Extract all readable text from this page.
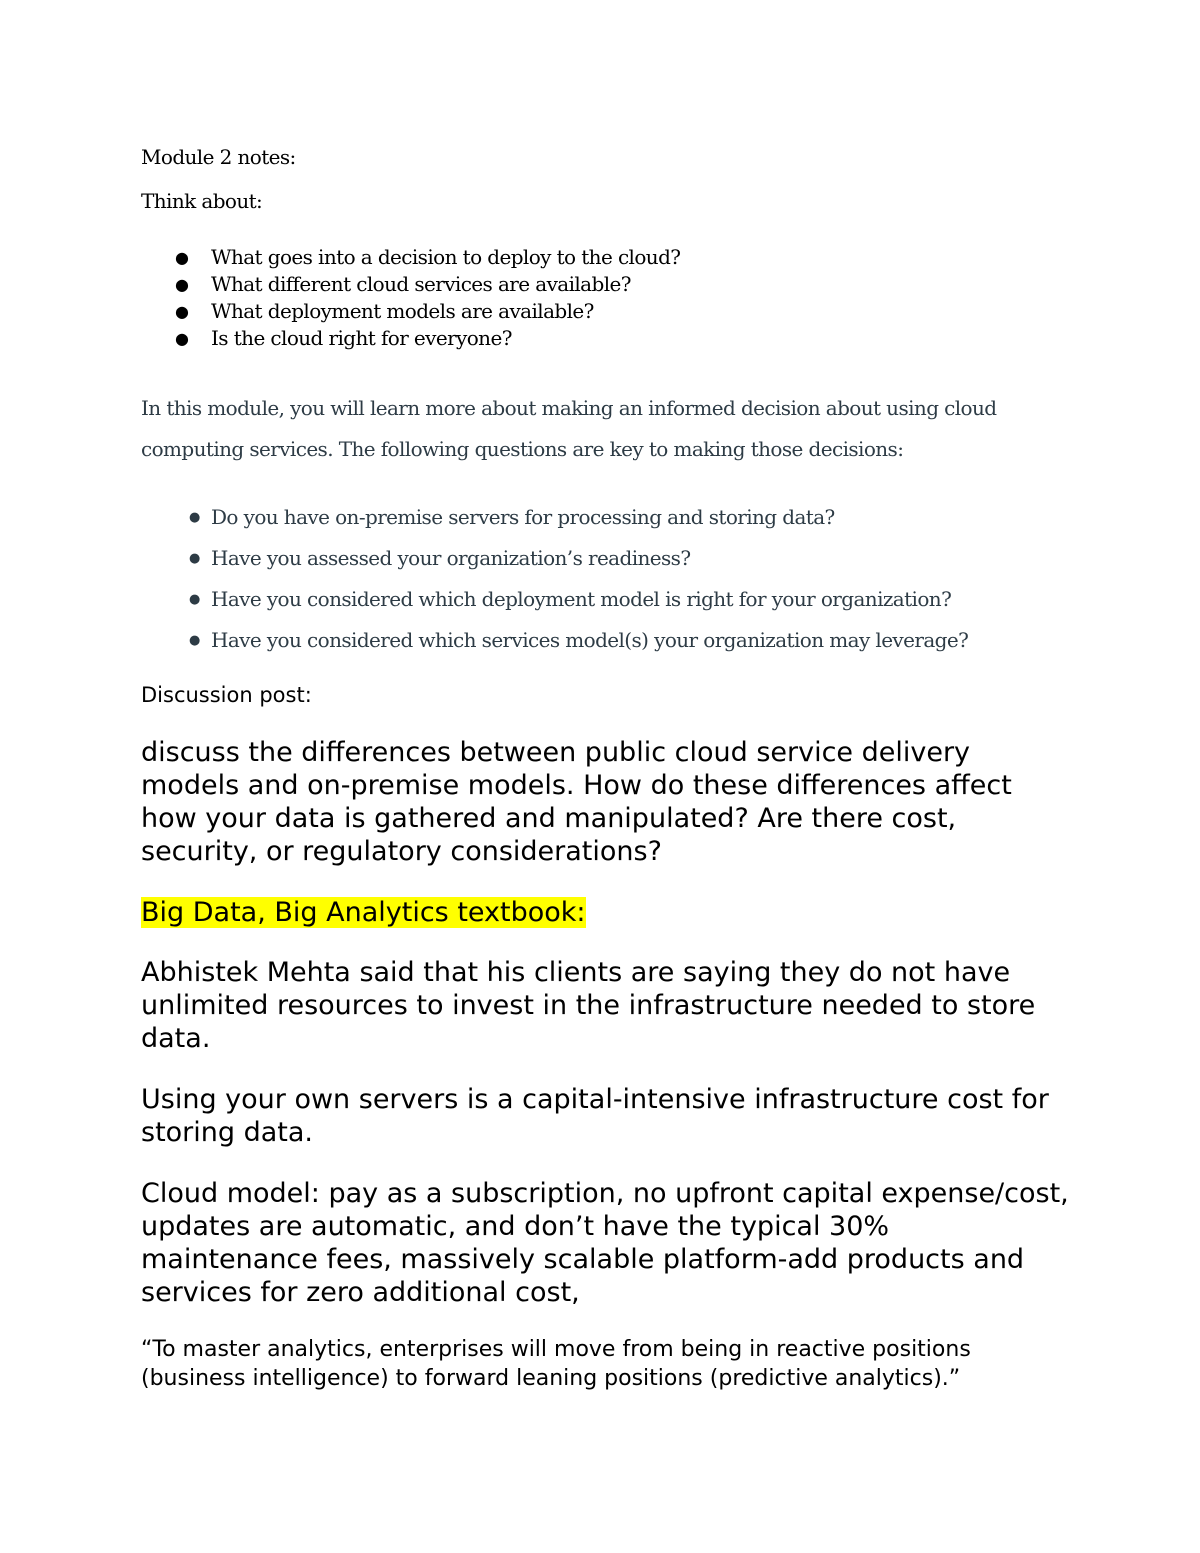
Module 2 notes:

Think about:

● What goes into a decision to deploy to the cloud?
● What different cloud services are available?
● What deployment models are available?
● Is the cloud right for everyone?

In this module, you will learn more about making an informed decision about using cloud computing services. The following questions are key to making those decisions:

● Do you have on-premise servers for processing and storing data?
● Have you assessed your organization’s readiness?
● Have you considered which deployment model is right for your organization?
● Have you considered which services model(s) your organization may leverage?

Discussion post:

discuss the differences between public cloud service delivery models and on-premise models. How do these differences affect how your data is gathered and manipulated? Are there cost, security, or regulatory considerations?

Big Data, Big Analytics textbook:

Abhistek Mehta said that his clients are saying they do not have unlimited resources to invest in the infrastructure needed to store data.

Using your own servers is a capital-intensive infrastructure cost for storing data.

Cloud model: pay as a subscription, no upfront capital expense/cost, updates are automatic, and don’t have the typical 30% maintenance fees, massively scalable platform-add products and services for zero additional cost,

“To master analytics, enterprises will move from being in reactive positions (business intelligence) to forward leaning positions (predictive analytics).”
